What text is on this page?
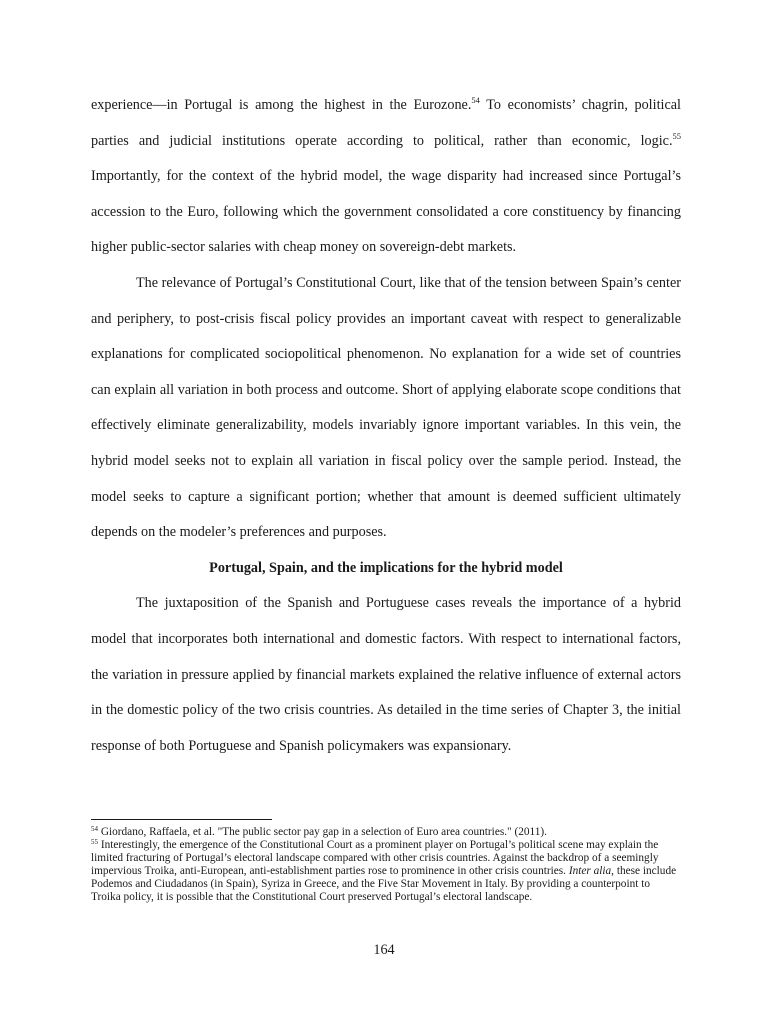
experience—in Portugal is among the highest in the Eurozone.$^{54}$ To economists’ chagrin, political parties and judicial institutions operate according to political, rather than economic, logic.$^{55}$ Importantly, for the context of the hybrid model, the wage disparity had increased since Portugal’s accession to the Euro, following which the government consolidated a core constituency by financing higher public-sector salaries with cheap money on sovereign-debt markets.

The relevance of Portugal’s Constitutional Court, like that of the tension between Spain’s center and periphery, to post-crisis fiscal policy provides an important caveat with respect to generalizable explanations for complicated sociopolitical phenomenon. No explanation for a wide set of countries can explain all variation in both process and outcome. Short of applying elaborate scope conditions that effectively eliminate generalizability, models invariably ignore important variables. In this vein, the hybrid model seeks not to explain all variation in fiscal policy over the sample period. Instead, the model seeks to capture a significant portion; whether that amount is deemed sufficient ultimately depends on the modeler’s preferences and purposes.

Portugal, Spain, and the implications for the hybrid model

The juxtaposition of the Spanish and Portuguese cases reveals the importance of a hybrid model that incorporates both international and domestic factors. With respect to international factors, the variation in pressure applied by financial markets explained the relative influence of external actors in the domestic policy of the two crisis countries. As detailed in the time series of Chapter 3, the initial response of both Portuguese and Spanish policymakers was expansionary.

$^{54}$ Giordano, Raffaela, et al. "The public sector pay gap in a selection of Euro area countries." (2011).

$^{55}$ Interestingly, the emergence of the Constitutional Court as a prominent player on Portugal’s political scene may explain the limited fracturing of Portugal’s electoral landscape compared with other crisis countries. Against the backdrop of a seemingly impervious Troika, anti-European, anti-establishment parties rose to prominence in other crisis countries. Inter alia, these include Podemos and Ciudadanos (in Spain), Syriza in Greece, and the Five Star Movement in Italy. By providing a counterpoint to Troika policy, it is possible that the Constitutional Court preserved Portugal’s electoral landscape.

164
